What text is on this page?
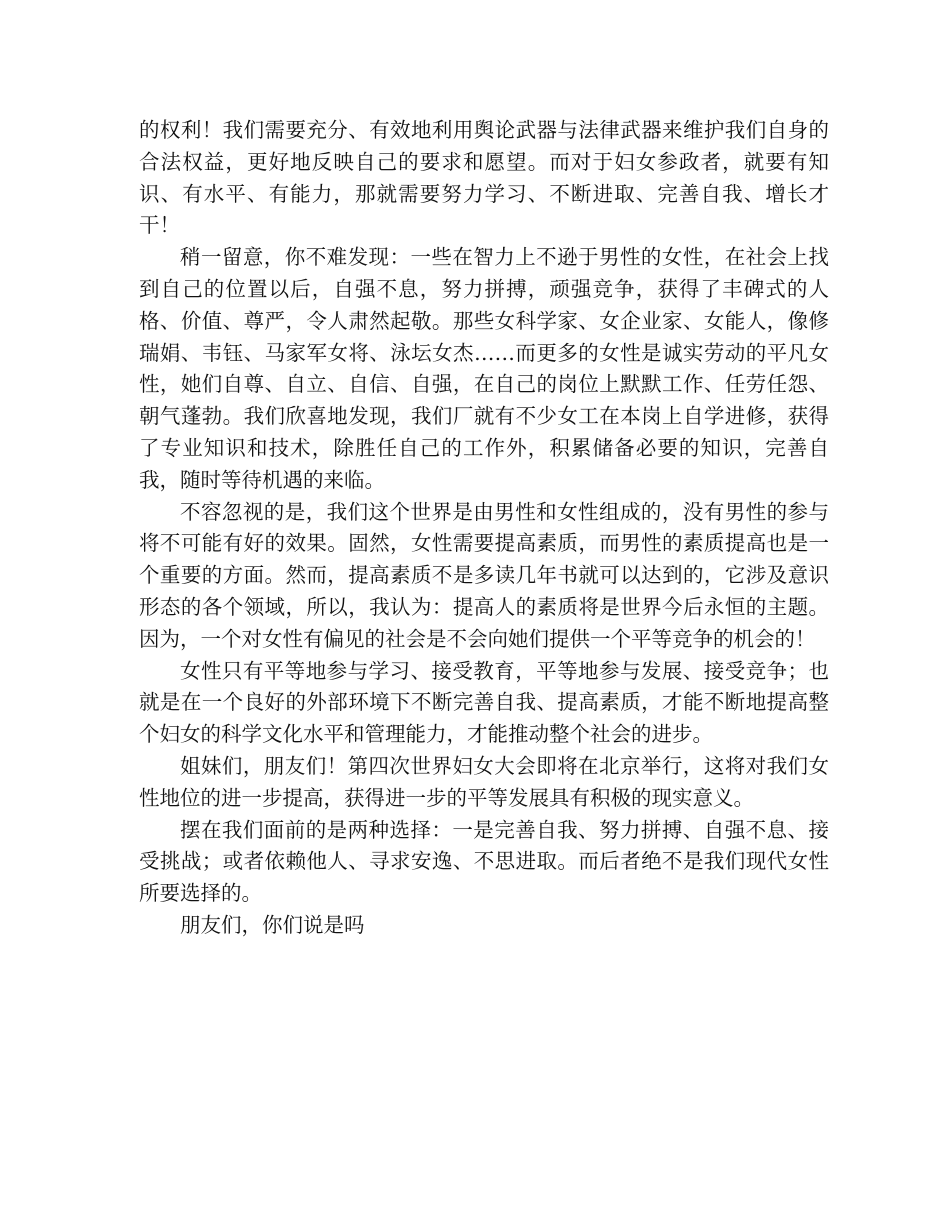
的权利！我们需要充分、有效地利用舆论武器与法律武器来维护我们自身的合法权益，更好地反映自己的要求和愿望。而对于妇女参政者，就要有知识、有水平、有能力，那就需要努力学习、不断进取、完善自我、增长才干！

稍一留意，你不难发现：一些在智力上不逊于男性的女性，在社会上找到自己的位置以后，自强不息，努力拼搏，顽强竞争，获得了丰碑式的人格、价值、尊严，令人肃然起敬。那些女科学家、女企业家、女能人，像修瑞娟、韦钰、马家军女将、泳坛女杰……而更多的女性是诚实劳动的平凡女性，她们自尊、自立、自信、自强，在自己的岗位上默默工作、任劳任怨、朝气蓬勃。我们欣喜地发现，我们厂就有不少女工在本岗上自学进修，获得了专业知识和技术，除胜任自己的工作外，积累储备必要的知识，完善自我，随时等待机遇的来临。

不容忽视的是，我们这个世界是由男性和女性组成的，没有男性的参与将不可能有好的效果。固然，女性需要提高素质，而男性的素质提高也是一个重要的方面。然而，提高素质不是多读几年书就可以达到的，它涉及意识形态的各个领域，所以，我认为：提高人的素质将是世界今后永恒的主题。因为，一个对女性有偏见的社会是不会向她们提供一个平等竞争的机会的！

女性只有平等地参与学习、接受教育，平等地参与发展、接受竞争；也就是在一个良好的外部环境下不断完善自我、提高素质，才能不断地提高整个妇女的科学文化水平和管理能力，才能推动整个社会的进步。

姐妹们，朋友们！第四次世界妇女大会即将在北京举行，这将对我们女性地位的进一步提高，获得进一步的平等发展具有积极的现实意义。

摆在我们面前的是两种选择：一是完善自我、努力拼搏、自强不息、接受挑战；或者依赖他人、寻求安逸、不思进取。而后者绝不是我们现代女性所要选择的。

朋友们，你们说是吗
